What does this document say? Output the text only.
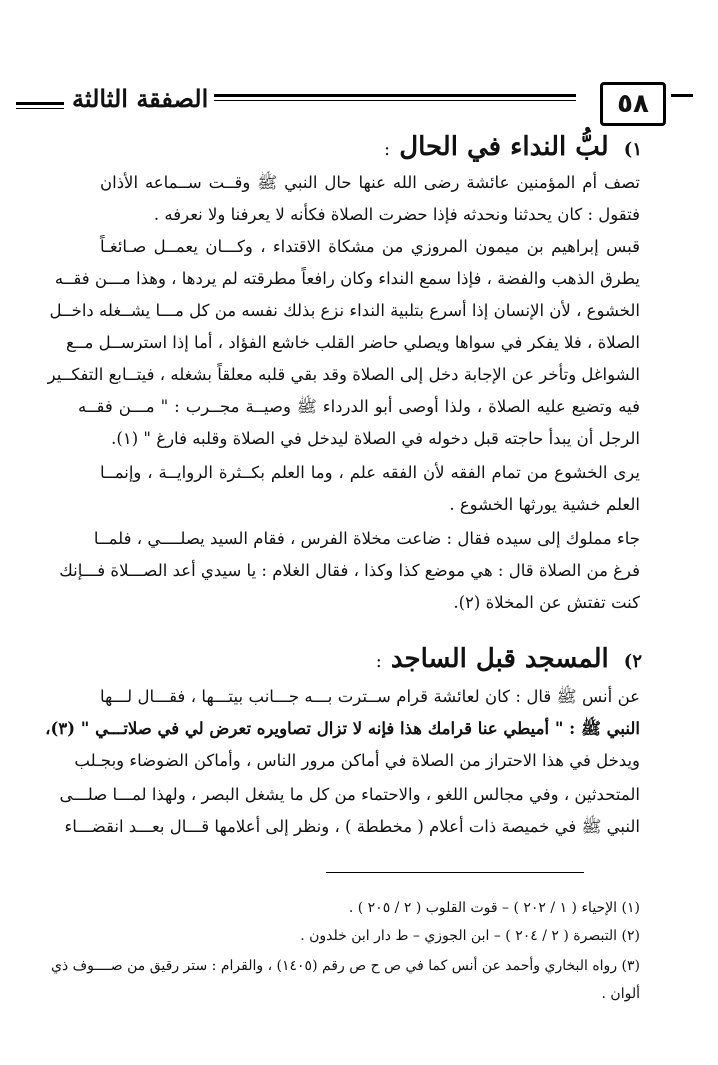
الصفقة الثالثة	٥٨
١) لبُّ النداء في الحال :
تصف أم المؤمنين عائشة رضى الله عنها حال النبي ﷺ وقــت ســماعه الأذان
فتقول : كان يحدثنا ونحدثه فإذا حضرت الصلاة فكأنه لا يعرفنا ولا نعرفه .
قبس إبراهيم بن ميمون المروزي من مشكاة الاقتداء ، وكـــان يعمــل صـائغـاً
يطرق الذهب والفضة ، فإذا سمع النداء وكان رافعاً مطرقته لم يردها ، وهذا مـــن فقــه
الخشوع ، لأن الإنسان إذا أسرع بتلبية النداء نزع بذلك نفسه من كل مـــا يشــغله داخــل
الصلاة ، فلا يفكر في سواها ويصلي حاضر القلب خاشع الفؤاد ، أما إذا استرســل مــع
الشواغل وتأخر عن الإجابة دخل إلى الصلاة وقد بقي قلبه معلقاً بشغله ، فيتــابع التفكــير
فيه وتضيع عليه الصلاة ، ولذا أوصى أبو الدرداء ﷺ وصيــة مجــرب : " مـــن فقــه
الرجل أن يبدأ حاجته قبل دخوله في الصلاة ليدخل في الصلاة وقلبه فارغ " (١).
يرى الخشوع من تمام الفقه لأن الفقه علم ، وما العلم بكــثرة الروايــة ، وإنمــا
العلم خشية يورثها الخشوع .
جاء مملوك إلى سيده فقال : ضاعت مخلاة الفرس ، فقام السيد يصلــــي ، فلمــا
فرغ من الصلاة قال : هي موضع كذا وكذا ، فقال الغلام : يا سيدي أعد الصـــلاة فـــإنك
كنت تفتش عن المخلاة (٢).
٢) المسجد قبل الساجد :
عن أنس ﷺ قال : كان لعائشة قرام ســترت بـــه جـــانب بيتـــها ، فقـــال لـــها
النبي ﷺ : " أميطي عنا قرامك هذا فإنه لا تزال تصاويره تعرض لي في صلاتـــي " (٣)،
ويدخل في هذا الاحتراز من الصلاة في أماكن مرور الناس ، وأماكن الضوضاء وبجـلب
المتحدثين ، وفي مجالس اللغو ، والاحتماء من كل ما يشغل البصر ، ولهذا لمـــا صلـــى
النبي ﷺ في خميصة ذات أعلام ( مخططة ) ، ونظر إلى أعلامها قـــال بعـــد انقضـــاء
(١) الإحياء ( ١ / ٢٠٢ ) – قوت القلوب ( ٢ / ٢٠٥ ) .
(٢) التبصرة ( ٢ / ٢٠٤ ) – ابن الجوزي – ط دار ابن خلدون .
(٣) رواه البخاري وأحمد عن أنس كما في ص ح ص رقم (١٤٠٥) ، والقرام : ستر رقيق من صــــوف ذي
ألوان .
